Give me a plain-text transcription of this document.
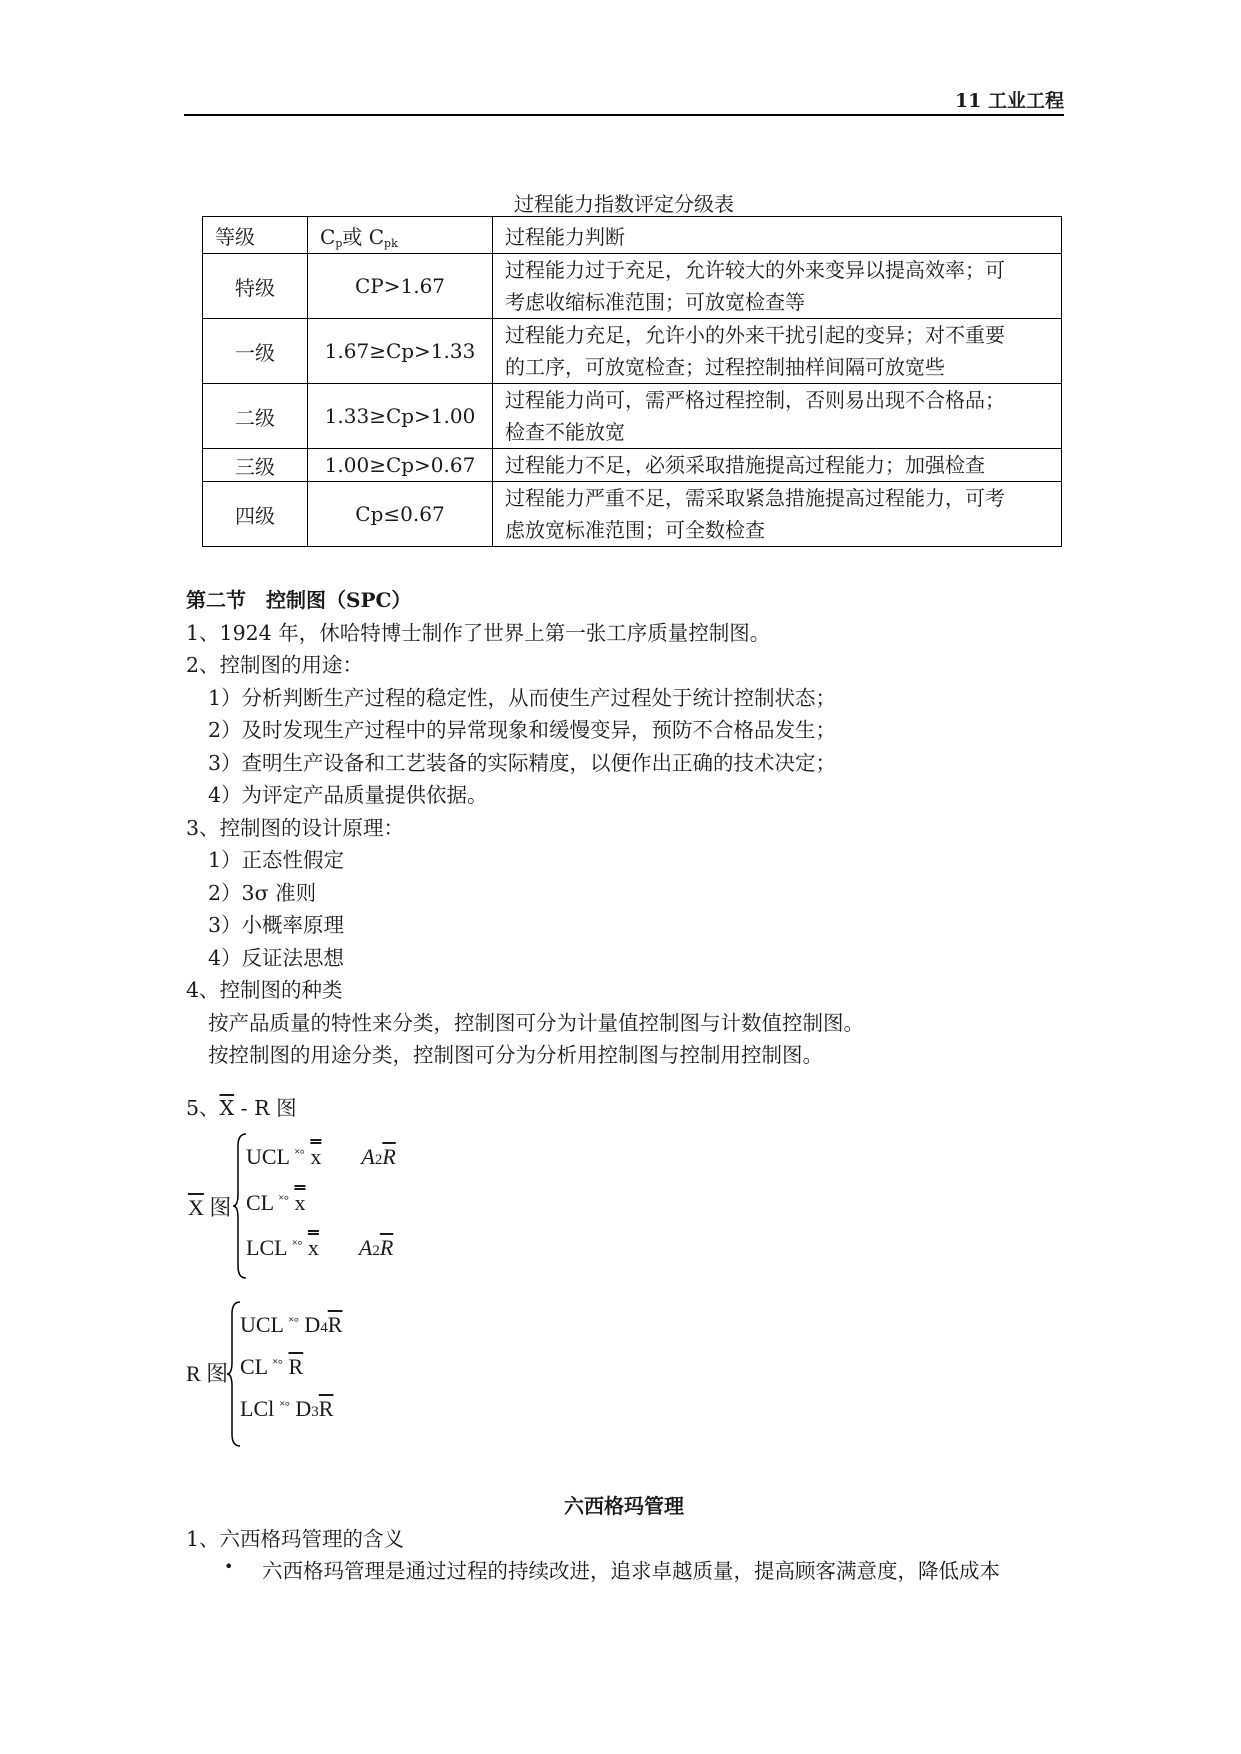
11 工业工程
过程能力指数评定分级表
等级	$C_p$或 $C_{pk}$	过程能力判断
特级	CP>1.67	过程能力过于充足，允许较大的外来变异以提高效率；可
考虑收缩标准范围；可放宽检查等

一级	1.67≥Cp>1.33	过程能力充足，允许小的外来干扰引起的变异；对不重要
的工序，可放宽检查；过程控制抽样间隔可放宽些

二级	1.33≥Cp>1.00	过程能力尚可，需严格过程控制，否则易出现不合格品；
检查不能放宽

三级	1.00≥Cp>0.67	过程能力不足，必须采取措施提高过程能力；加强检查

四级	Cp≤0.67	过程能力严重不足，需采取紧急措施提高过程能力，可考
虑放宽标准范围；可全数检查
第二节　控制图（SPC）
1、1924 年，休哈特博士制作了世界上第一张工序质量控制图。
2、控制图的用途：
1）分析判断生产过程的稳定性，从而使生产过程处于统计控制状态；
2）及时发现生产过程中的异常现象和缓慢变异，预防不合格品发生；
3）查明生产设备和工艺装备的实际精度，以便作出正确的技术决定；
4）为评定产品质量提供依据。
3、控制图的设计原理：
1）正态性假定
2）3σ 准则
3）小概率原理
4）反证法思想
4、控制图的种类
按产品质量的特性来分类，控制图可分为计量值控制图与计数值控制图。
按控制图的用途分类，控制图可分为分析用控制图与控制用控制图。
5、$\overline{X}$ - R 图
$\overline{X}$ 图
UCL ˟° x $A2\overline{R}$
CL ˟° x
LCL ˟° x $A2\overline{R}$
R 图
UCL ˟° $D4\overline{R}$
CL ˟° $\overline{R}$
LCl ˟° $D3\overline{R}$
六西格玛管理
1、六西格玛管理的含义
• 六西格玛管理是通过过程的持续改进，追求卓越质量，提高顾客满意度，降低成本
